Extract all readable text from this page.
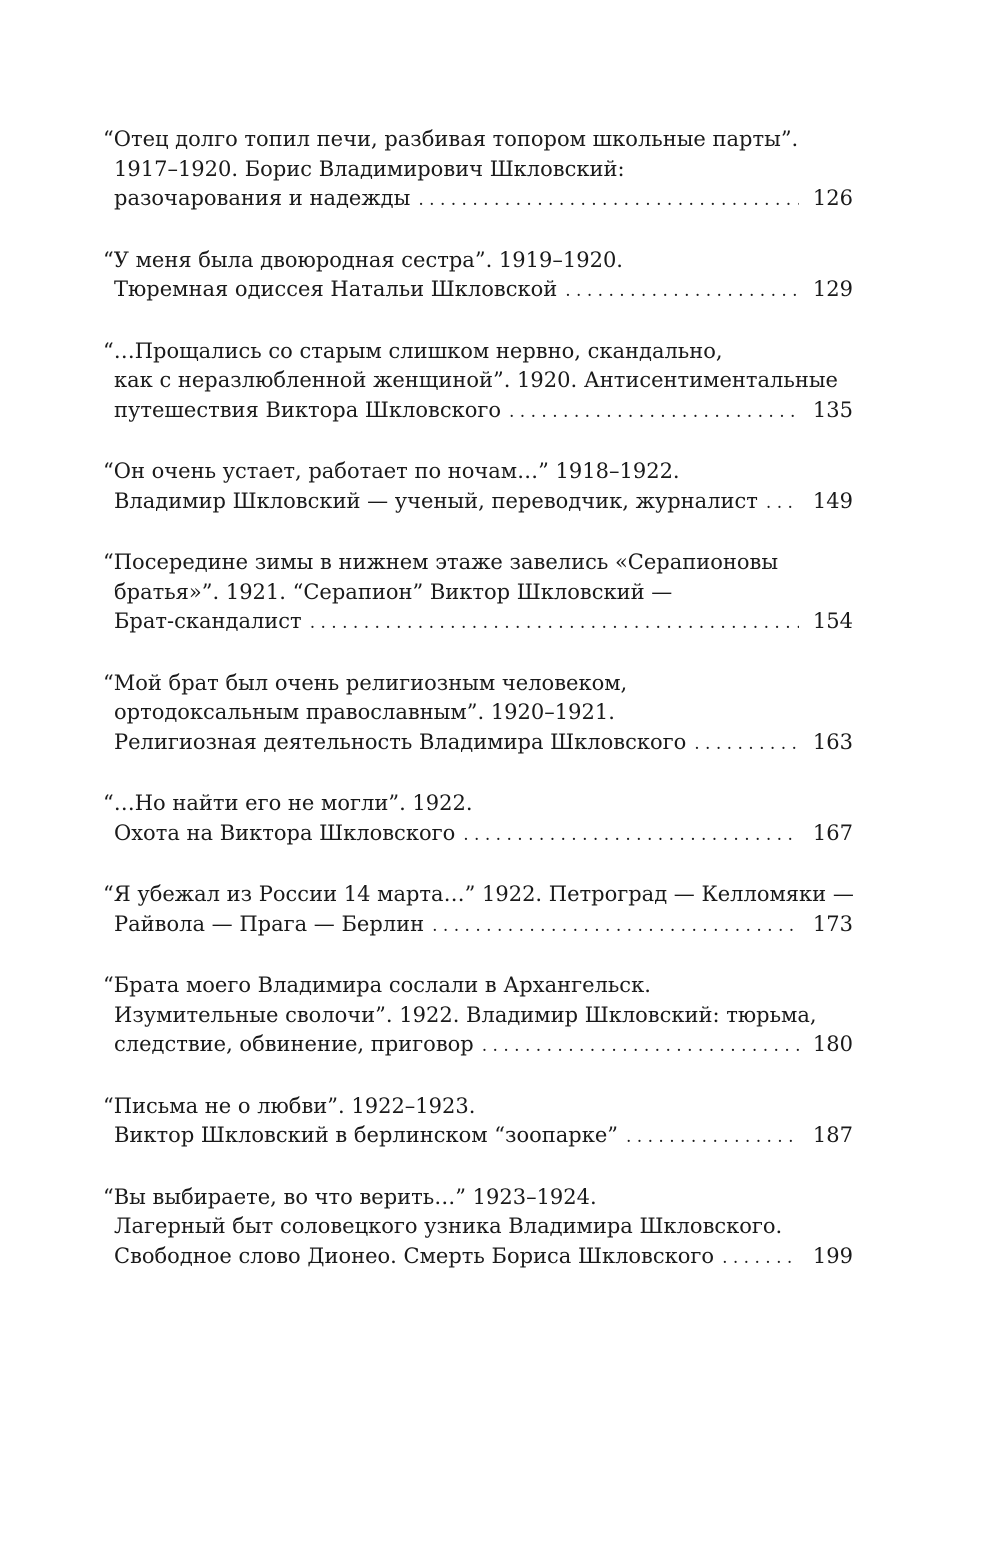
“Отец долго топил печи, разбивая топором школьные парты”.
1917–1920. Борис Владимирович Шкловский:
разочарования и надежды . . .	126
“У меня была двоюродная сестра”. 1919–1920.
Тюремная одиссея Натальи Шкловской . . .	129
“…Прощались со старым слишком нервно, скандально,
как с неразлюбленной женщиной”. 1920. Антисентиментальные
путешествия Виктора Шкловского . . .	135
“Он очень устает, работает по ночам…” 1918–1922.
Владимир Шкловский — ученый, переводчик, журналист . . .	149
“Посередине зимы в нижнем этаже завелись «Серапионовы
братья»”. 1921. “Серапион” Виктор Шкловский —
Брат-скандалист . . .	154
“Мой брат был очень религиозным человеком,
ортодоксальным православным”. 1920–1921.
Религиозная деятельность Владимира Шкловского . . .	163
“…Но найти его не могли”. 1922.
Охота на Виктора Шкловского . . .	167
“Я убежал из России 14 марта…” 1922. Петроград — Келломяки —
Райвола — Прага — Берлин . . .	173
“Брата моего Владимира сослали в Архангельск.
Изумительные сволочи”. 1922. Владимир Шкловский: тюрьма,
следствие, обвинение, приговор . . .	180
“Письма не о любви”. 1922–1923.
Виктор Шкловский в берлинском “зоопарке” . . .	187
“Вы выбираете, во что верить…” 1923–1924.
Лагерный быт соловецкого узника Владимира Шкловского.
Свободное слово Дионео. Смерть Бориса Шкловского . . .	199
